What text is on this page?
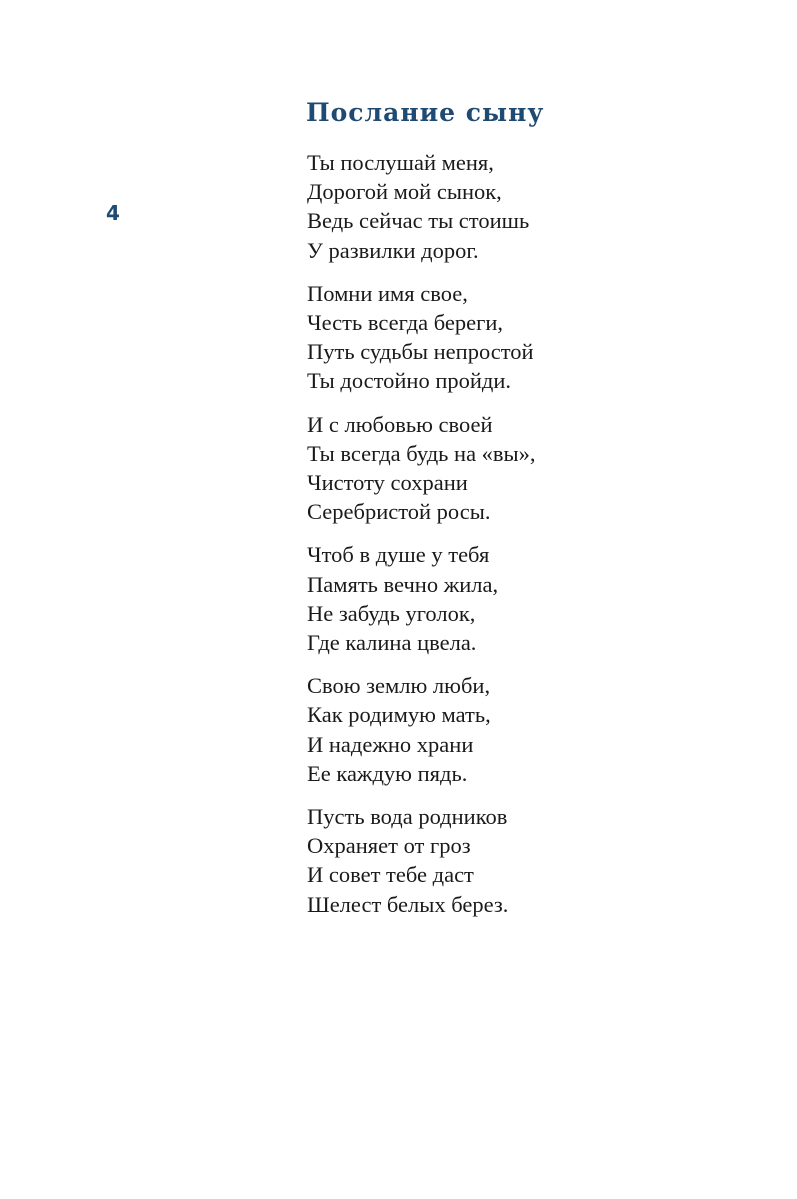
4
Послание сыну
Ты послушай меня,
Дорогой мой сынок,
Ведь сейчас ты стоишь
У развилки дорог.
Помни имя свое,
Честь всегда береги,
Путь судьбы непростой
Ты достойно пройди.
И с любовью своей
Ты всегда будь на «вы»,
Чистоту сохрани
Серебристой росы.
Чтоб в душе у тебя
Память вечно жила,
Не забудь уголок,
Где калина цвела.
Свою землю люби,
Как родимую мать,
И надежно храни
Ее каждую пядь.
Пусть вода родников
Охраняет от гроз
И совет тебе даст
Шелест белых берез.
